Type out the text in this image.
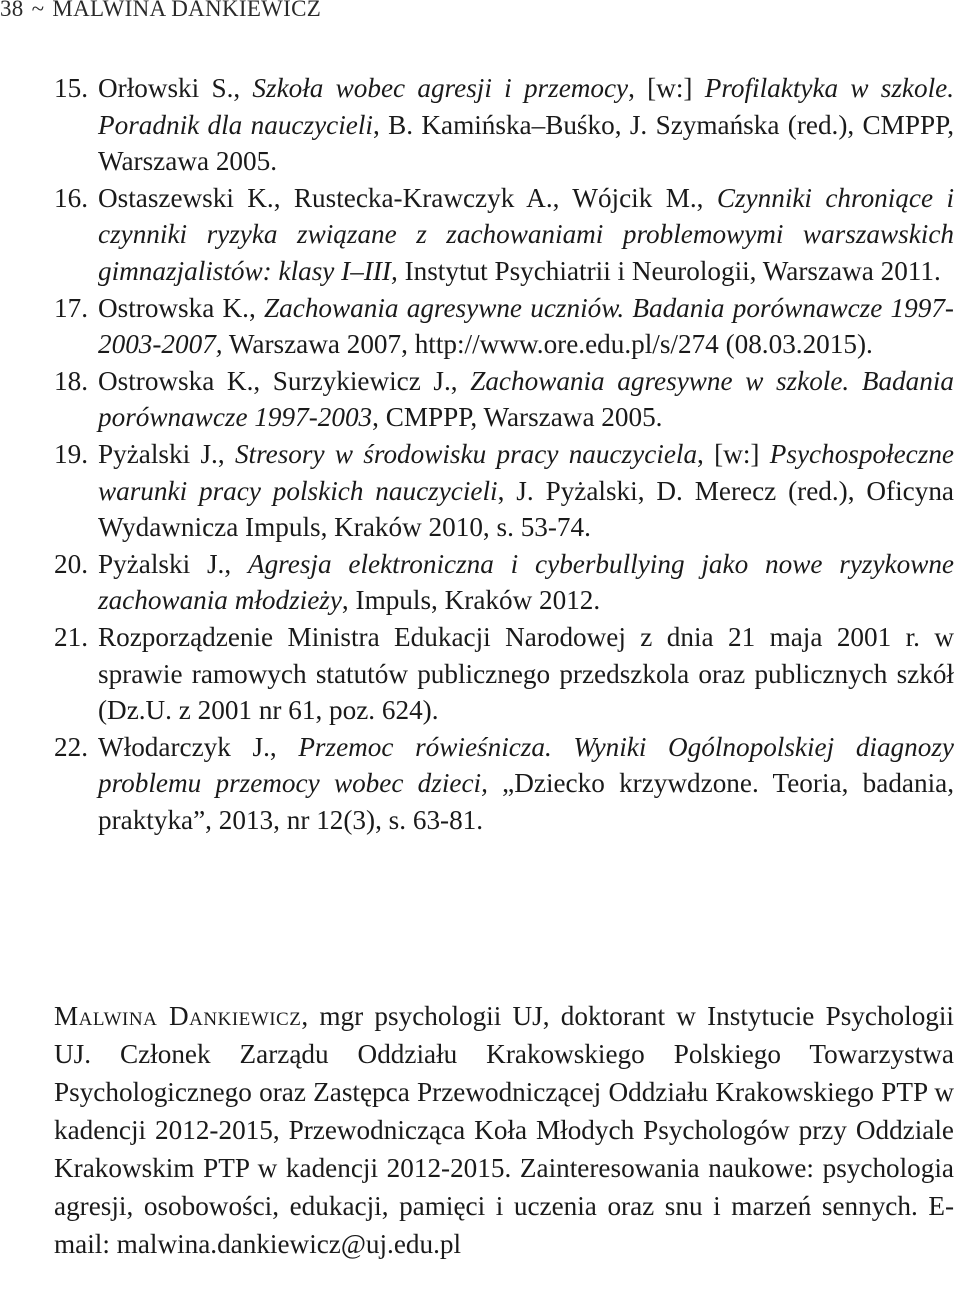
38 ~ MALWINA DANKIEWICZ
15. Orłowski S., Szkoła wobec agresji i przemocy, [w:] Profilaktyka w szkole. Poradnik dla nauczycieli, B. Kamińska–Buśko, J. Szymańska (red.), CMPPP, Warszawa 2005.
16. Ostaszewski K., Rustecka-Krawczyk A., Wójcik M., Czynniki chroniące i czynniki ryzyka związane z zachowaniami problemowymi warszawskich gimnazjalistów: klasy I–III, Instytut Psychiatrii i Neurologii, Warszawa 2011.
17. Ostrowska K., Zachowania agresywne uczniów. Badania porównawcze 1997-2003-2007, Warszawa 2007, http://www.ore.edu.pl/s/274 (08.03.2015).
18. Ostrowska K., Surzykiewicz J., Zachowania agresywne w szkole. Badania porównawcze 1997-2003, CMPPP, Warszawa 2005.
19. Pyżalski J., Stresory w środowisku pracy nauczyciela, [w:] Psychospołeczne warunki pracy polskich nauczycieli, J. Pyżalski, D. Merecz (red.), Oficyna Wydawnicza Impuls, Kraków 2010, s. 53-74.
20. Pyżalski J., Agresja elektroniczna i cyberbullying jako nowe ryzykowne zachowania młodzieży, Impuls, Kraków 2012.
21. Rozporządzenie Ministra Edukacji Narodowej z dnia 21 maja 2001 r. w sprawie ramowych statutów publicznego przedszkola oraz publicznych szkół (Dz.U. z 2001 nr 61, poz. 624).
22. Włodarczyk J., Przemoc rówieśnicza. Wyniki Ogólnopolskiej diagnozy problemu przemocy wobec dzieci, „Dziecko krzywdzone. Teoria, badania, praktyka”, 2013, nr 12(3), s. 63-81.

Malwina Dankiewicz, mgr psychologii UJ, doktorant w Instytucie Psychologii UJ. Członek Zarządu Oddziału Krakowskiego Polskiego Towarzystwa Psychologicznego oraz Zastępca Przewodniczącej Oddziału Krakowskiego PTP w kadencji 2012-2015, Przewodnicząca Koła Młodych Psychologów przy Oddziale Krakowskim PTP w kadencji 2012-2015. Zainteresowania naukowe: psychologia agresji, osobowości, edukacji, pamięci i uczenia oraz snu i marzeń sennych. E-mail: malwina.dankiewicz@uj.edu.pl
